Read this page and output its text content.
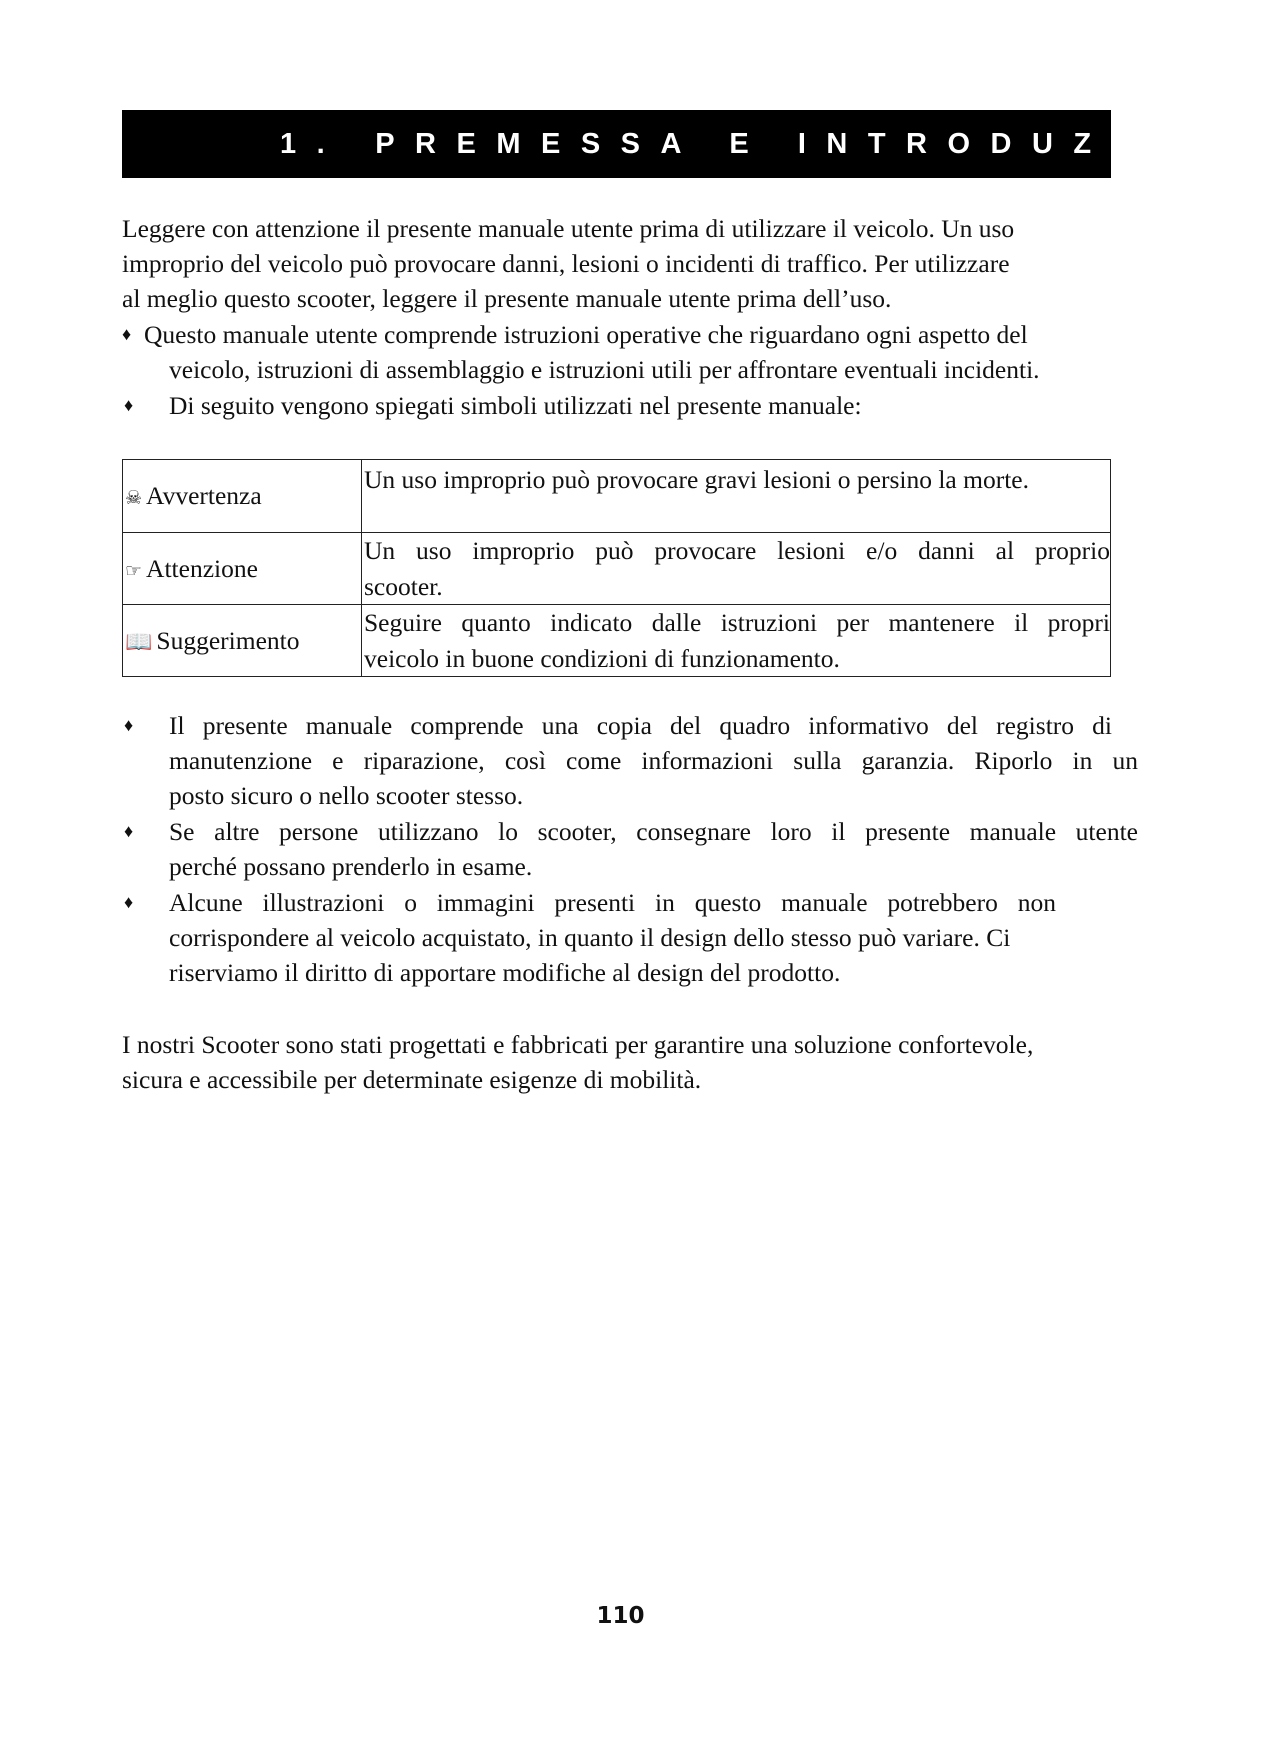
1. PREMESSA E INTRODUZIONE
Leggere con attenzione il presente manuale utente prima di utilizzare il veicolo. Un uso
improprio del veicolo può provocare danni, lesioni o incidenti di traffico. Per utilizzare
al meglio questo scooter, leggere il presente manuale utente prima dell’uso.
♦ Questo manuale utente comprende istruzioni operative che riguardano ogni aspetto del
veicolo, istruzioni di assemblaggio e istruzioni utili per affrontare eventuali incidenti.
♦ Di seguito vengono spiegati simboli utilizzati nel presente manuale:
☠ Avvertenza	Un uso improprio può provocare gravi lesioni o persino la morte.
☞ Attenzione	Un uso improprio può provocare lesioni e/o danni al proprio
scooter.
📖 Suggerimento	Seguire quanto indicato dalle istruzioni per mantenere il propri
veicolo in buone condizioni di funzionamento.
♦ Il presente manuale comprende una copia del quadro informativo del registro di
manutenzione e riparazione, così come informazioni sulla garanzia. Riporlo in un
posto sicuro o nello scooter stesso.
♦ Se altre persone utilizzano lo scooter, consegnare loro il presente manuale utente
perché possano prenderlo in esame.
♦ Alcune illustrazioni o immagini presenti in questo manuale potrebbero non
corrispondere al veicolo acquistato, in quanto il design dello stesso può variare. Ci
riserviamo il diritto di apportare modifiche al design del prodotto.
I nostri Scooter sono stati progettati e fabbricati per garantire una soluzione confortevole,
sicura e accessibile per determinate esigenze di mobilità.
110
